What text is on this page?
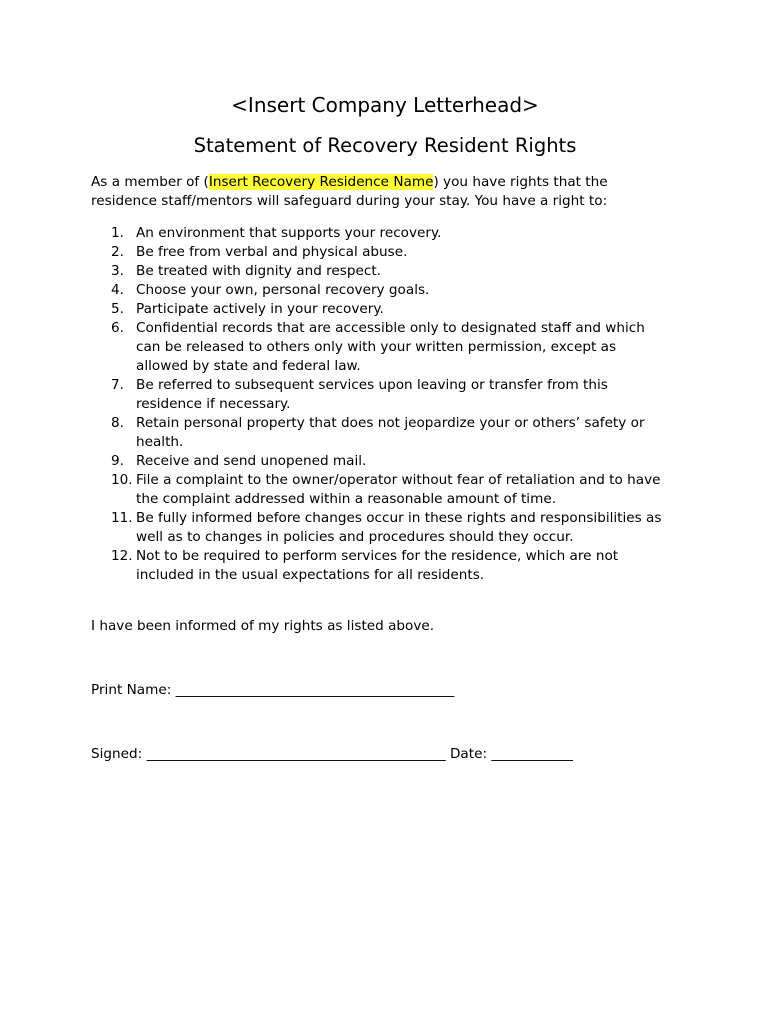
<Insert Company Letterhead>
Statement of Recovery Resident Rights
As a member of (Insert Recovery Residence Name) you have rights that the
residence staff/mentors will safeguard during your stay. You have a right to:
1. An environment that supports your recovery.
2. Be free from verbal and physical abuse.
3. Be treated with dignity and respect.
4. Choose your own, personal recovery goals.
5. Participate actively in your recovery.
6. Confidential records that are accessible only to designated staff and which
can be released to others only with your written permission, except as
allowed by state and federal law.
7. Be referred to subsequent services upon leaving or transfer from this
residence if necessary.
8. Retain personal property that does not jeopardize your or others’ safety or
health.
9. Receive and send unopened mail.
10. File a complaint to the owner/operator without fear of retaliation and to have
the complaint addressed within a reasonable amount of time.
11. Be fully informed before changes occur in these rights and responsibilities as
well as to changes in policies and procedures should they occur.
12. Not to be required to perform services for the residence, which are not
included in the usual expectations for all residents.
I have been informed of my rights as listed above.
Print Name: _________________________________________
Signed: ____________________________________________ Date: ____________
